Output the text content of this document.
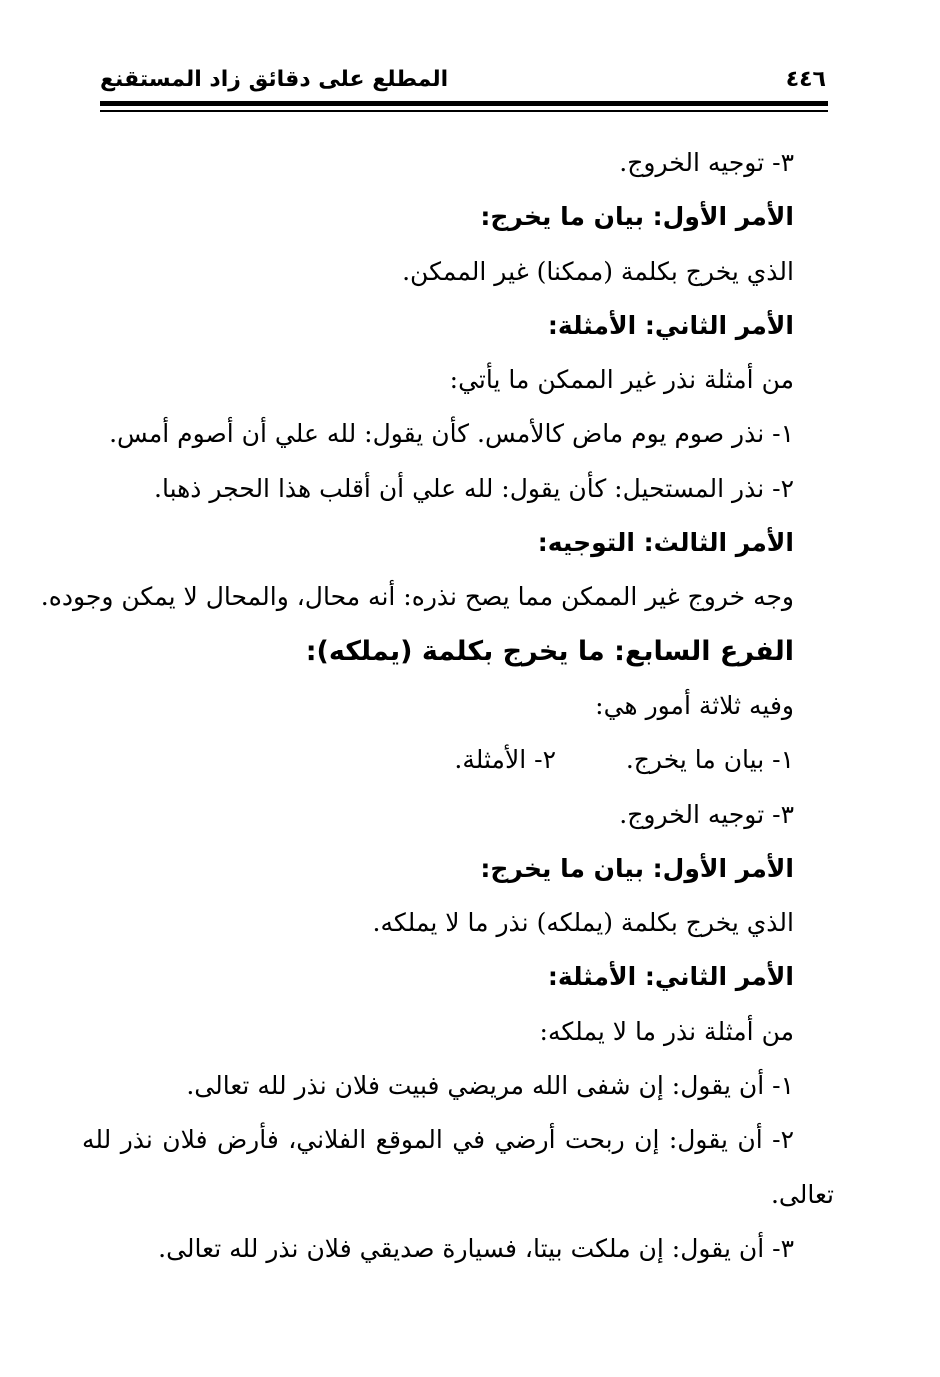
٤٤٦
المطلع على دقائق زاد المستقنع
٣- توجيه الخروج.
الأمر الأول: بيان ما يخرج:
الذي يخرج بكلمة (ممكنا) غير الممكن.
الأمر الثاني: الأمثلة:
من أمثلة نذر غير الممكن ما يأتي:
١- نذر صوم يوم ماض كالأمس. كأن يقول: لله علي أن أصوم أمس.
٢- نذر المستحيل: كأن يقول: لله علي أن أقلب هذا الحجر ذهبا.
الأمر الثالث: التوجيه:
وجه خروج غير الممكن مما يصح نذره: أنه محال، والمحال لا يمكن وجوده.
الفرع السابع: ما يخرج بكلمة (يملكه):
وفيه ثلاثة أمور هي:
١- بيان ما يخرج.
٢- الأمثلة.
٣- توجيه الخروج.
الأمر الأول: بيان ما يخرج:
الذي يخرج بكلمة (يملكه) نذر ما لا يملكه.
الأمر الثاني: الأمثلة:
من أمثلة نذر ما لا يملكه:
١- أن يقول: إن شفى الله مريضي فبيت فلان نذر لله تعالى.
٢- أن يقول: إن ربحت أرضي في الموقع الفلاني، فأرض فلان نذر لله
تعالى.
٣- أن يقول: إن ملكت بيتا، فسيارة صديقي فلان نذر لله تعالى.
